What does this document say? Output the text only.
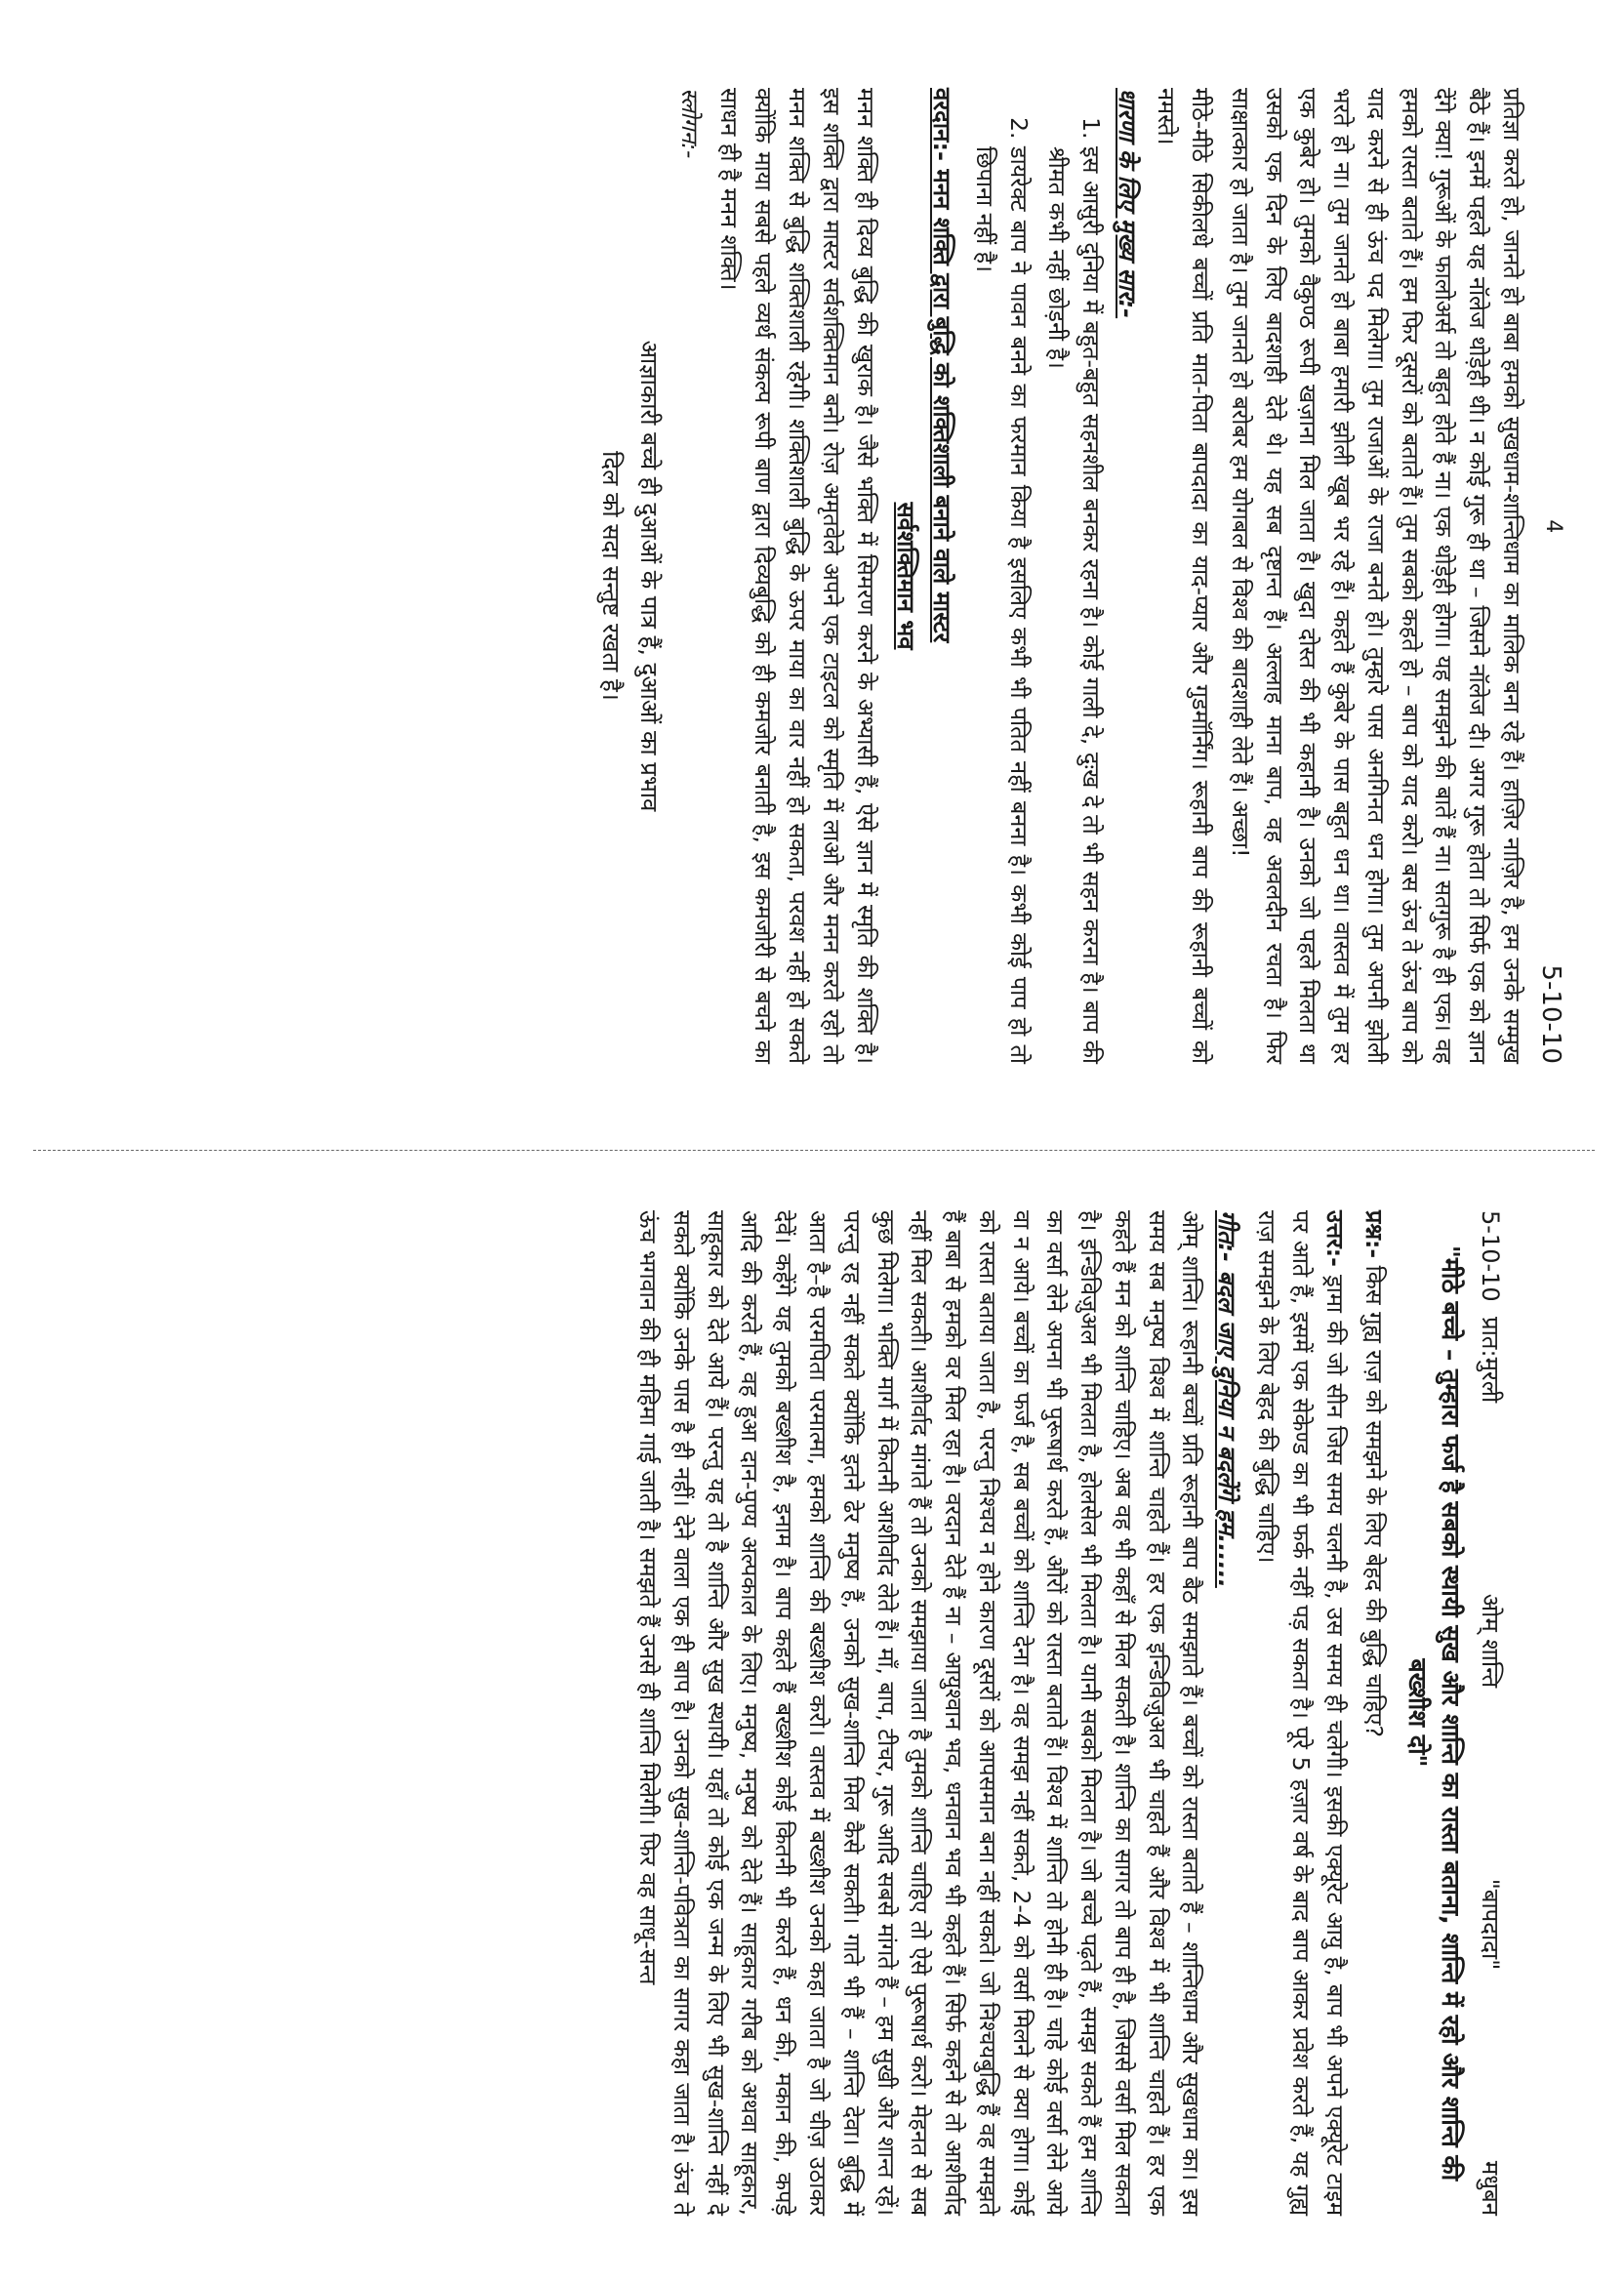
4
5-10-10

प्रतिज्ञा करते हो, जानते हो बाबा हमको सुखधाम-शान्तिधाम का मालिक बना रहे हैं। हाज़िर नाज़िर है, हम उनके सम्मुख बैठे हैं। इनमें पहले यह नॉलेज थोड़ेही थी। न कोई गुरू ही था – जिसने नॉलेज दी। अगर गुरू होता तो सिर्फ एक को ज्ञान देंगे क्या! गुरूओं के फालोअर्स तो बहुत होते हैं ना। एक थोड़ेही होगा। यह समझने की बातें हैं ना। सतगुरू है ही एक। वह हमको रास्ता बताते हैं। हम फिर दूसरों को बताते हैं। तुम सबको कहते हो – बाप को याद करो। बस ऊंच ते ऊंच बाप को याद करने से ही ऊंच पद मिलेगा। तुम राजाओं के राजा बनते हो। तुम्हारे पास अनगिनत धन होगा। तुम अपनी झोली भरते हो ना। तुम जानते हो बाबा हमारी झोली खूब भर रहे हैं। कहते हैं कुबेर के पास बहुत धन था। वास्तव में तुम हर एक कुबेर हो। तुमको वैकुण्ठ रूपी खज़ाना मिल जाता है। खुदा दोस्त की भी कहानी है। उनको जो पहले मिलता था उसको एक दिन के लिए बादशाही देते थे। यह सब दृष्टान्त हैं। अल्लाह माना बाप, वह अवलदीन रचता है। फिर साक्षात्कार हो जाता है। तुम जानते हो बरोबर हम योगबल से विश्व की बादशाही लेते हैं। अच्छा!

मीठे-मीठे सिकीलधे बच्चों प्रति मात-पिता बापदादा का याद-प्यार और गुडमॉर्निंग। रूहानी बाप की रूहानी बच्चों को नमस्ते।

धारणा के लिए मुख्य सार:-
1. इस आसुरी दुनिया में बहुत-बहुत सहनशील बनकर रहना है। कोई गाली दे, दुःख दे तो भी सहन करना है। बाप की श्रीमत कभी नहीं छोड़नी है।
2. डायरेक्ट बाप ने पावन बनने का फरमान किया है इसलिए कभी भी पतित नहीं बनना है। कभी कोई पाप हो तो छिपाना नहीं है।
वरदान:- मनन शक्ति द्वारा बुद्धि को शक्तिशाली बनाने वाले मास्टर
सर्वशक्तिमान भव

मनन शक्ति ही दिव्य बुद्धि की खुराक है। जैसे भक्ति में सिमरण करने के अभ्यासी हैं, ऐसे ज्ञान में स्मृति की शक्ति है। इस शक्ति द्वारा मास्टर सर्वशक्तिमान बनो। रोज़ अमृतवेले अपने एक टाइटल को स्मृति में लाओ और मनन करते रहो तो मनन शक्ति से बुद्धि शक्तिशाली रहेगी। शक्तिशाली बुद्धि के ऊपर माया का वार नहीं हो सकता, परवश नहीं हो सकते क्योंकि माया सबसे पहले व्यर्थ संकल्प रूपी बाण द्वारा दिव्यबुद्धि को ही कमजोर बनाती है, इस कमजोरी से बचने का साधन ही है मनन शक्ति।

स्लोगन:-
आज्ञाकारी बच्चे ही दुआओं के पात्र हैं, दुआओं का प्रभाव
दिल को सदा सन्तुष्ट रखता है।
5-10-10  प्रात:मुरली
ओम् शान्ति
"बापदादा"
मधुबन
"मीठे बच्चे – तुम्हारा फर्ज है सबको स्थायी सुख और शान्ति का रास्ता बताना, शान्ति में रहो और शान्ति की बख्शीश दो"

प्रश्न:- किस गुह्य राज़ को समझने के लिए बेहद की बुद्धि चाहिए?

उत्तर:- ड्रामा की जो सीन जिस समय चलनी है, उस समय ही चलेगी। इसकी एक्यूरेट आयु है, बाप भी अपने एक्यूरेट टाइम पर आते हैं, इसमें एक सेकेण्ड का भी फर्क नहीं पड़ सकता है। पूरे 5 हज़ार वर्ष के बाद बाप आकर प्रवेश करते हैं, यह गुह्य राज़ समझने के लिए बेहद की बुद्धि चाहिए।

गीत:- बदल जाए दुनिया न बदलेंगे हम......

ओम् शान्ति। रूहानी बच्चों प्रति रूहानी बाप बैठ समझाते हैं। बच्चों को रास्ता बताते हैं – शान्तिधाम और सुखधाम का। इस समय सब मनुष्य विश्व में शान्ति चाहते हैं। हर एक इन्डिविज़ुअल भी चाहते हैं और विश्व में भी शान्ति चाहते हैं। हर एक कहते हैं मन को शान्ति चाहिए। अब वह भी कहाँ से मिल सकती है। शान्ति का सागर तो बाप ही है, जिससे वर्सा मिल सकता है। इन्डिविज़ुअल भी मिलता है, होलसेल भी मिलता है। यानी सबको मिलता है। जो बच्चे पढ़ते हैं, समझ सकते हैं हम शान्ति का वर्सा लेने अपना भी पुरूषार्थ करते हैं, औरों को रास्ता बताते हैं। विश्व में शान्ति तो होनी ही है। चाहे कोई वर्सा लेने आये वा न आये। बच्चों का फर्ज है, सब बच्चों को शान्ति देना है। वह समझ नहीं सकते, 2-4 को वर्सा मिलने से क्या होगा। कोई को रास्ता बताया जाता है, परन्तु निश्चय न होने कारण दूसरों को आपसमान बना नहीं सकते। जो निश्चयबुद्धि हैं वह समझते हैं बाबा से हमको वर मिल रहा है। वरदान देते हैं ना – आयुश्वान भव, धनवान भव भी कहते हैं। सिर्फ कहने से तो आशीर्वाद नहीं मिल सकती। आशीर्वाद मांगते हैं तो उनको समझाया जाता है तुमको शान्ति चाहिए तो ऐसे पुरूषार्थ करो। मेहनत से सब कुछ मिलेगा। भक्ति मार्ग में कितनी आशीर्वाद लेते हैं। माँ, बाप, टीचर, गुरू आदि सबसे मांगते हैं – हम सुखी और शान्त रहें। परन्तु रह नहीं सकते क्योंकि इतने ढेर मनुष्य हैं, उनको सुख-शान्ति मिल कैसे सकती। गाते भी हैं – शान्ति देवा। बुद्धि में आता है–है परमपिता परमात्मा, हमको शान्ति की बख्शीश करो। वास्तव में बख्शीश उनको कहा जाता है जो चीज़ उठाकर देवें। कहेंगे यह तुमको बख्शीश है, इनाम है। बाप कहते हैं बख्शीश कोई कितनी भी करते हैं, धन की, मकान की, कपड़े आदि की करते हैं, वह हुआ दान-पुण्य अल्पकाल के लिए। मनुष्य, मनुष्य को देते हैं। साहूकार गरीब को अथवा साहूकार, साहूकार को देते आये हैं। परन्तु यह तो है शान्ति और सुख स्थायी। यहाँ तो कोई एक जन्म के लिए भी सुख-शान्ति नहीं दे सकते क्योंकि उनके पास है ही नहीं। देने वाला एक ही बाप है। उनको सुख-शान्ति-पवित्रता का सागर कहा जाता है। ऊंच ते ऊंच भगवान की ही महिमा गाई जाती है। समझते हैं उनसे ही शान्ति मिलेगी। फिर वह साधू-सन्त
